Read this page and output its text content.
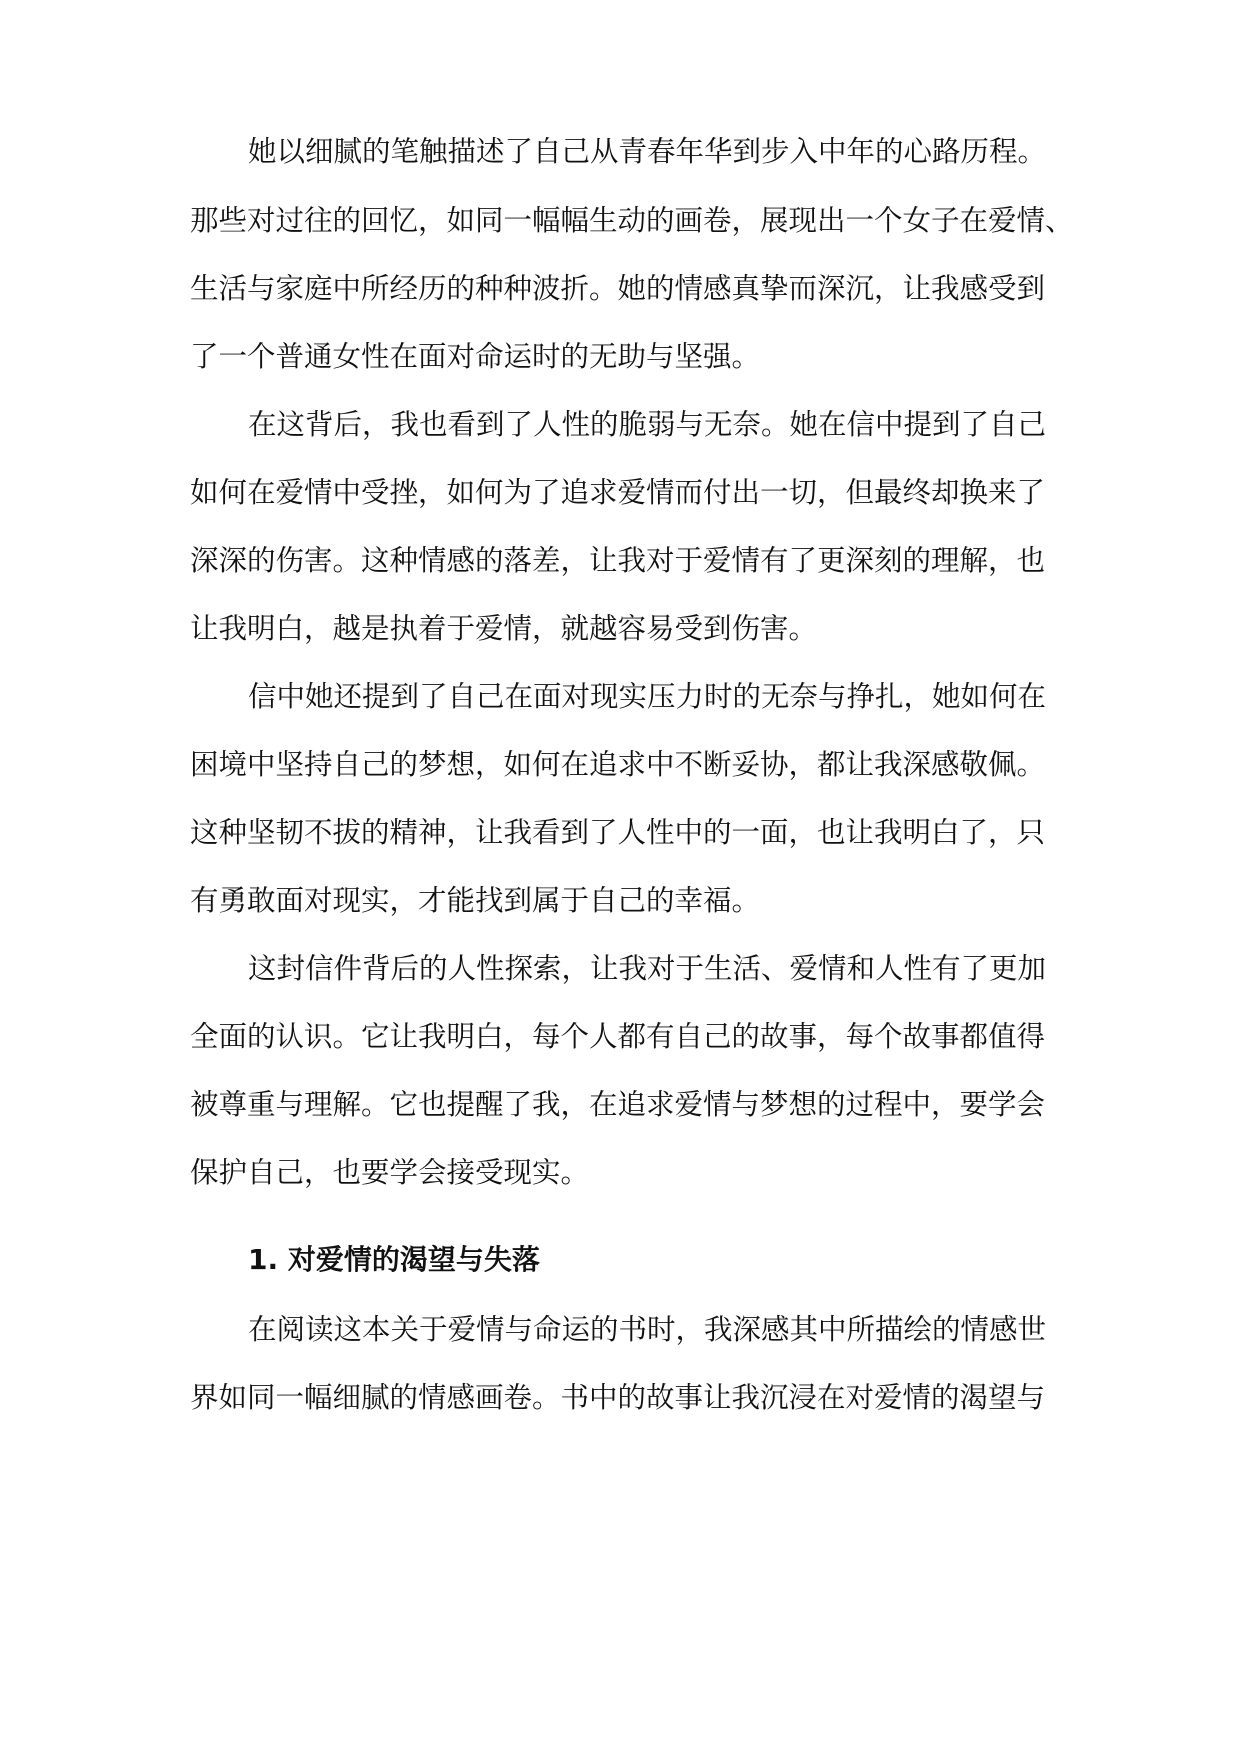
她以细腻的笔触描述了自己从青春年华到步入中年的心路历程。
那些对过往的回忆，如同一幅幅生动的画卷，展现出一个女子在爱情、
生活与家庭中所经历的种种波折。她的情感真挚而深沉，让我感受到
了一个普通女性在面对命运时的无助与坚强。
在这背后，我也看到了人性的脆弱与无奈。她在信中提到了自己
如何在爱情中受挫，如何为了追求爱情而付出一切，但最终却换来了
深深的伤害。这种情感的落差，让我对于爱情有了更深刻的理解，也
让我明白，越是执着于爱情，就越容易受到伤害。
信中她还提到了自己在面对现实压力时的无奈与挣扎，她如何在
困境中坚持自己的梦想，如何在追求中不断妥协，都让我深感敬佩。
这种坚韧不拔的精神，让我看到了人性中的一面，也让我明白了，只
有勇敢面对现实，才能找到属于自己的幸福。
这封信件背后的人性探索，让我对于生活、爱情和人性有了更加
全面的认识。它让我明白，每个人都有自己的故事，每个故事都值得
被尊重与理解。它也提醒了我，在追求爱情与梦想的过程中，要学会
保护自己，也要学会接受现实。
1. 对爱情的渴望与失落
在阅读这本关于爱情与命运的书时，我深感其中所描绘的情感世
界如同一幅细腻的情感画卷。书中的故事让我沉浸在对爱情的渴望与
